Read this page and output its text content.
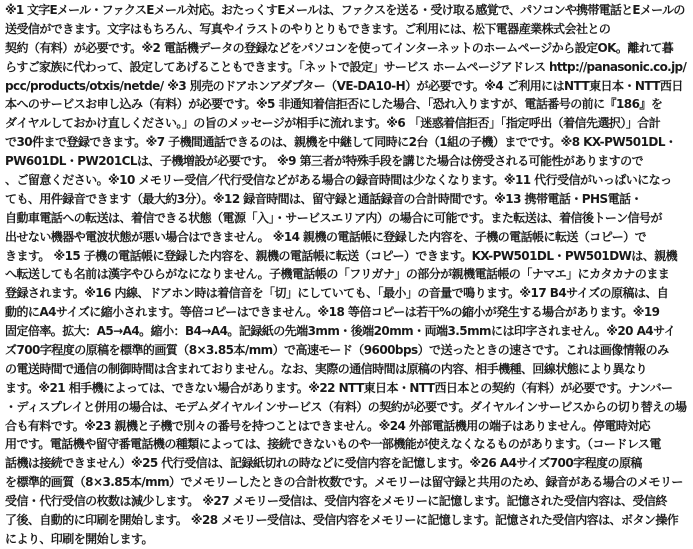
※1 文字Eメール・ファクスEメール対応。おたっくすEメールは、ファクスを送る・受け取る感覚で、パソコンや携帯電話とEメールの
送受信ができます。文字はもちろん、写真やイラストのやりとりもできます。ご利用には、松下電器産業株式会社との
契約（有料）が必要です。※2 電話機データの登録などをパソコンを使ってインターネットのホームページから設定OK。離れて暮
らすご家族に代わって、設定してあげることもできます。「ネットで設定」サービス ホームページアドレス http://panasonic.co.jp/
pcc/products/otxis/netde/ ※3 別売のドアホンアダプター（VE-DA10-H）が必要です。※4 ご利用にはNTT東日本・NTT西日
本へのサービスお申し込み（有料）が必要です。※5 非通知着信拒否にした場合、「恐れ入りますが、電話番号の前に『186』を
ダイヤルしておかけ直しください。」の旨のメッセージが相手に流れます。※6 「迷惑着信拒否」「指定呼出（着信先選択）」合計
で30件まで登録できます。※7 子機間通話できるのは、親機を中継して同時に2台（1組の子機）までです。※8 KX-PW501DL・
PW601DL・PW201CLは、子機増設が必要です。 ※9 第三者が特殊手段を講じた場合は傍受される可能性がありますので
、ご留意ください。※10 メモリー受信／代行受信などがある場合の録音時間は少なくなります。※11 代行受信がいっぱいになっ
ても、用件録音できます（最大約3分）。※12 録音時間は、留守録と通話録音の合計時間です。※13 携帯電話・PHS電話・
自動車電話への転送は、着信できる状態（電源「入」・サービスエリア内）の場合に可能です。また転送は、着信後トーン信号が
出せない機器や電波状態が悪い場合はできません。 ※14 親機の電話帳に登録した内容を、子機の電話帳に転送（コピー）で
きます。 ※15 子機の電話帳に登録した内容を、親機の電話帳に転送（コピー）できます。KX-PW501DL・PW501DWは、親機
へ転送しても名前は漢字やひらがなになりません。子機電話帳の「フリガナ」の部分が親機電話帳の「ナマエ」にカタカナのまま
登録されます。※16 内線、ドアホン時は着信音を「切」にしていても、「最小」の音量で鳴ります。※17 B4サイズの原稿は、自
動的にA4サイズに縮小されます。等倍コピーはできません。※18 等倍コピーは若干%の縮小が発生する場合があります。※19
固定倍率。拡大：A5→A4。縮小：B4→A4。記録紙の先端3mm・後端20mm・両端3.5mmには印字されません。※20 A4サイ
ズ700字程度の原稿を標準的画質（8×3.85本/mm）で高速モード（9600bps）で送ったときの速さです。これは画像情報のみ
の電送時間で通信の制御時間は含まれておりません。なお、実際の通信時間は原稿の内容、相手機種、回線状態により異なり
ます。※21 相手機によっては、できない場合があります。※22 NTT東日本・NTT西日本との契約（有料）が必要です。ナンバー
・ディスプレイと併用の場合は、モデムダイヤルインサービス（有料）の契約が必要です。ダイヤルインサービスからの切り替えの場
合も有料です。※23 親機と子機で別々の番号を持つことはできません。※24 外部電話機用の端子はありません。停電時対応
用です。電話機や留守番電話機の種類によっては、接続できないものや一部機能が使えなくなるものがあります。（コードレス電
話機は接続できません）※25 代行受信は、記録紙切れの時などに受信内容を記憶します。※26 A4サイズ700字程度の原稿
を標準的画質（8×3.85本/mm）でメモリーしたときの合計枚数です。メモリーは留守録と共用のため、録音がある場合のメモリー
受信・代行受信の枚数は減少します。 ※27 メモリー受信は、受信内容をメモリーに記憶します。記憶された受信内容は、受信終
了後、自動的に印刷を開始します。 ※28 メモリー受信は、受信内容をメモリーに記憶します。記憶された受信内容は、ボタン操作
により、印刷を開始します。
